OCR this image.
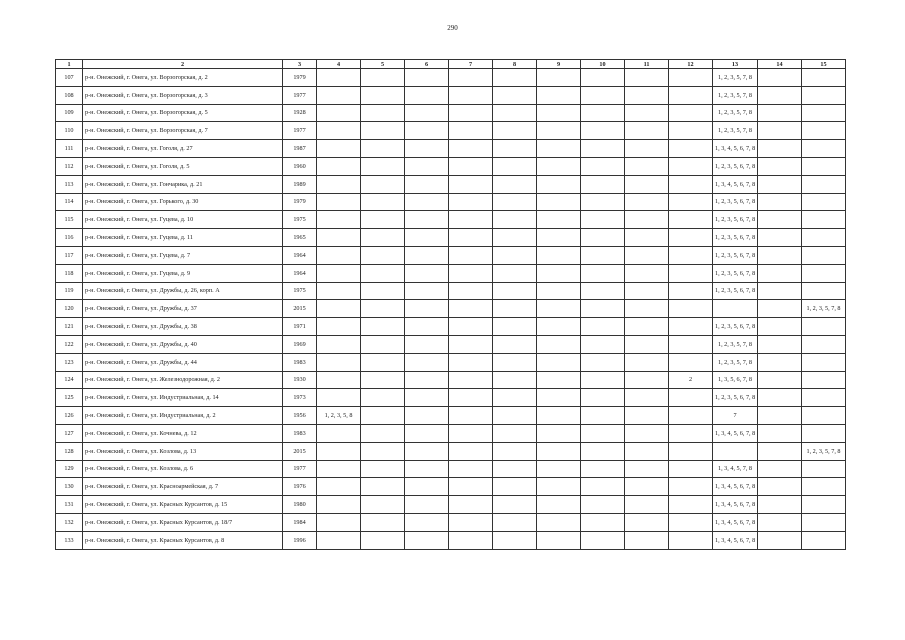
290
1	2	3	4	5	6	7	8	9	10	11	12	13	14	15
107	р-н. Онежский, г. Онега, ул. Ворзогорская, д. 2	1979										1, 2, 3, 5, 7, 8		
108	р-н. Онежский, г. Онега, ул. Ворзогорская, д. 3	1977										1, 2, 3, 5, 7, 8		
109	р-н. Онежский, г. Онега, ул. Ворзогорская, д. 5	1928										1, 2, 3, 5, 7, 8		
110	р-н. Онежский, г. Онега, ул. Ворзогорская, д. 7	1977										1, 2, 3, 5, 7, 8		
111	р-н. Онежский, г. Онега, ул. Гоголя, д. 27	1987										1, 3, 4, 5, 6, 7, 8		
112	р-н. Онежский, г. Онега, ул. Гоголя, д. 5	1960										1, 2, 3, 5, 6, 7, 8		
113	р-н. Онежский, г. Онега, ул. Гончарика, д. 21	1989										1, 3, 4, 5, 6, 7, 8		
114	р-н. Онежский, г. Онега, ул. Горького, д. 30	1979										1, 2, 3, 5, 6, 7, 8		
115	р-н. Онежский, г. Онега, ул. Гуцева, д. 10	1975										1, 2, 3, 5, 6, 7, 8		
116	р-н. Онежский, г. Онега, ул. Гуцева, д. 11	1965										1, 2, 3, 5, 6, 7, 8		
117	р-н. Онежский, г. Онега, ул. Гуцева, д. 7	1964										1, 2, 3, 5, 6, 7, 8		
118	р-н. Онежский, г. Онега, ул. Гуцева, д. 9	1964										1, 2, 3, 5, 6, 7, 8		
119	р-н. Онежский, г. Онега, ул. Дружбы, д. 26, корп. А	1975										1, 2, 3, 5, 6, 7, 8		
120	р-н. Онежский, г. Онега, ул. Дружбы, д. 37	2015												1, 2, 3, 5, 7, 8
121	р-н. Онежский, г. Онега, ул. Дружбы, д. 38	1971										1, 2, 3, 5, 6, 7, 8		
122	р-н. Онежский, г. Онега, ул. Дружбы, д. 40	1969										1, 2, 3, 5, 7, 8		
123	р-н. Онежский, г. Онега, ул. Дружбы, д. 44	1983										1, 2, 3, 5, 7, 8		
124	р-н. Онежский, г. Онега, ул. Железнодорожная, д. 2	1930									2	1, 3, 5, 6, 7, 8		
125	р-н. Онежский, г. Онега, ул. Индустриальная, д. 14	1973										1, 2, 3, 5, 6, 7, 8		
126	р-н. Онежский, г. Онега, ул. Индустриальная, д. 2	1956	1, 2, 3, 5, 8									7		
127	р-н. Онежский, г. Онега, ул. Кочнева, д. 12	1983										1, 3, 4, 5, 6, 7, 8		
128	р-н. Онежский, г. Онега, ул. Козлова, д. 13	2015												1, 2, 3, 5, 7, 8
129	р-н. Онежский, г. Онега, ул. Козлова, д. 6	1977										1, 3, 4, 5, 7, 8		
130	р-н. Онежский, г. Онега, ул. Красноармейская, д. 7	1976										1, 3, 4, 5, 6, 7, 8		
131	р-н. Онежский, г. Онега, ул. Красных Курсантов, д. 15	1980										1, 3, 4, 5, 6, 7, 8		
132	р-н. Онежский, г. Онега, ул. Красных Курсантов, д. 18/7	1984										1, 3, 4, 5, 6, 7, 8		
133	р-н. Онежский, г. Онега, ул. Красных Курсантов, д. 8	1996										1, 3, 4, 5, 6, 7, 8		
